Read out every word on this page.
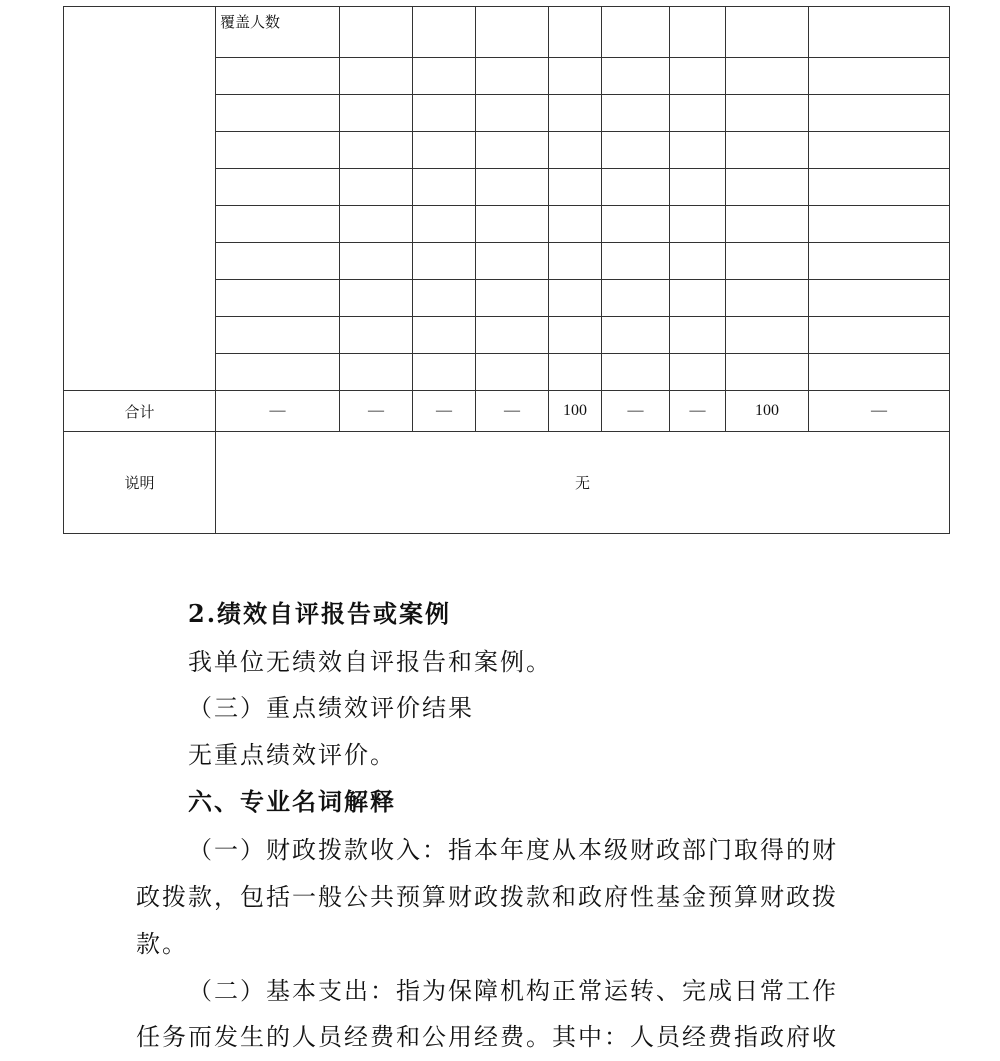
	覆盖人数								

合计	—	—	—	—	100	—	—	100	—
说明	无								
2.绩效自评报告或案例
我单位无绩效自评报告和案例。
（三）重点绩效评价结果
无重点绩效评价。
六、专业名词解释
（一）财政拨款收入：指本年度从本级财政部门取得的财
政拨款，包括一般公共预算财政拨款和政府性基金预算财政拨
款。
（二）基本支出：指为保障机构正常运转、完成日常工作
任务而发生的人员经费和公用经费。其中：人员经费指政府收
